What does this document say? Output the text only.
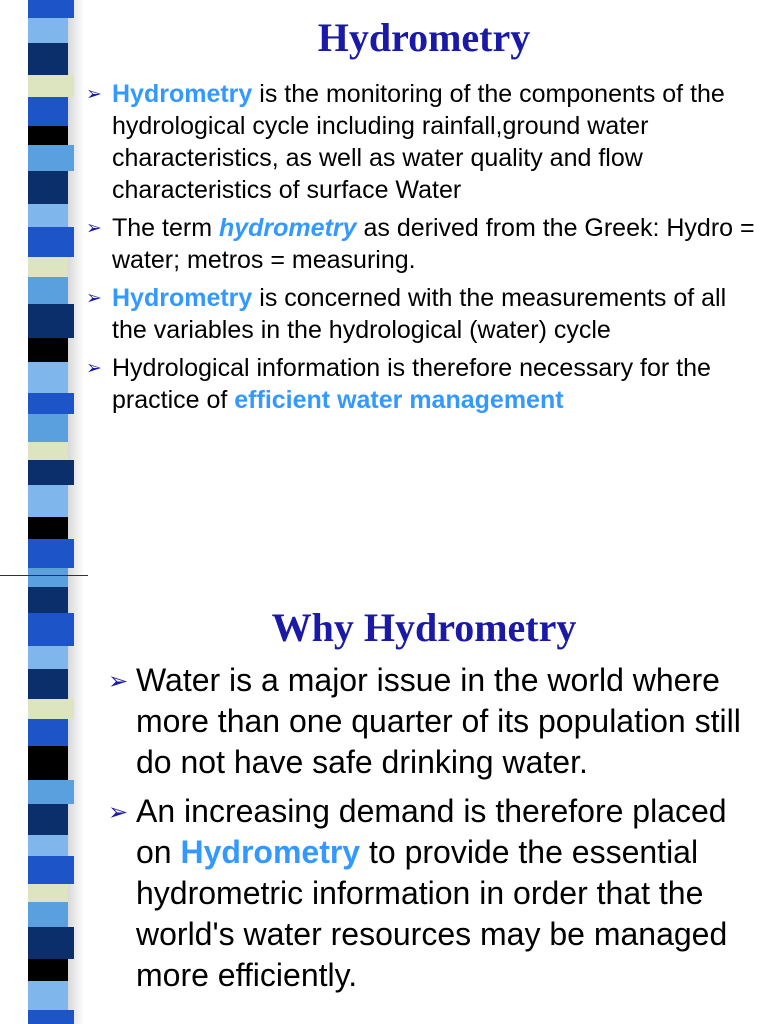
Hydrometry
➢ Hydrometry is the monitoring of the components of the hydrological cycle including rainfall,ground water characteristics, as well as water quality and flow characteristics of surface Water
➢ The term hydrometry as derived from the Greek: Hydro = water; metros = measuring.
➢ Hydrometry is concerned with the measurements of all the variables in the hydrological (water) cycle
➢ Hydrological information is therefore necessary for the practice of efficient water management
Why Hydrometry
➢ Water is a major issue in the world where more than one quarter of its population still do not have safe drinking water.
➢ An increasing demand is therefore placed on Hydrometry to provide the essential hydrometric information in order that the world's water resources may be managed more efficiently.
